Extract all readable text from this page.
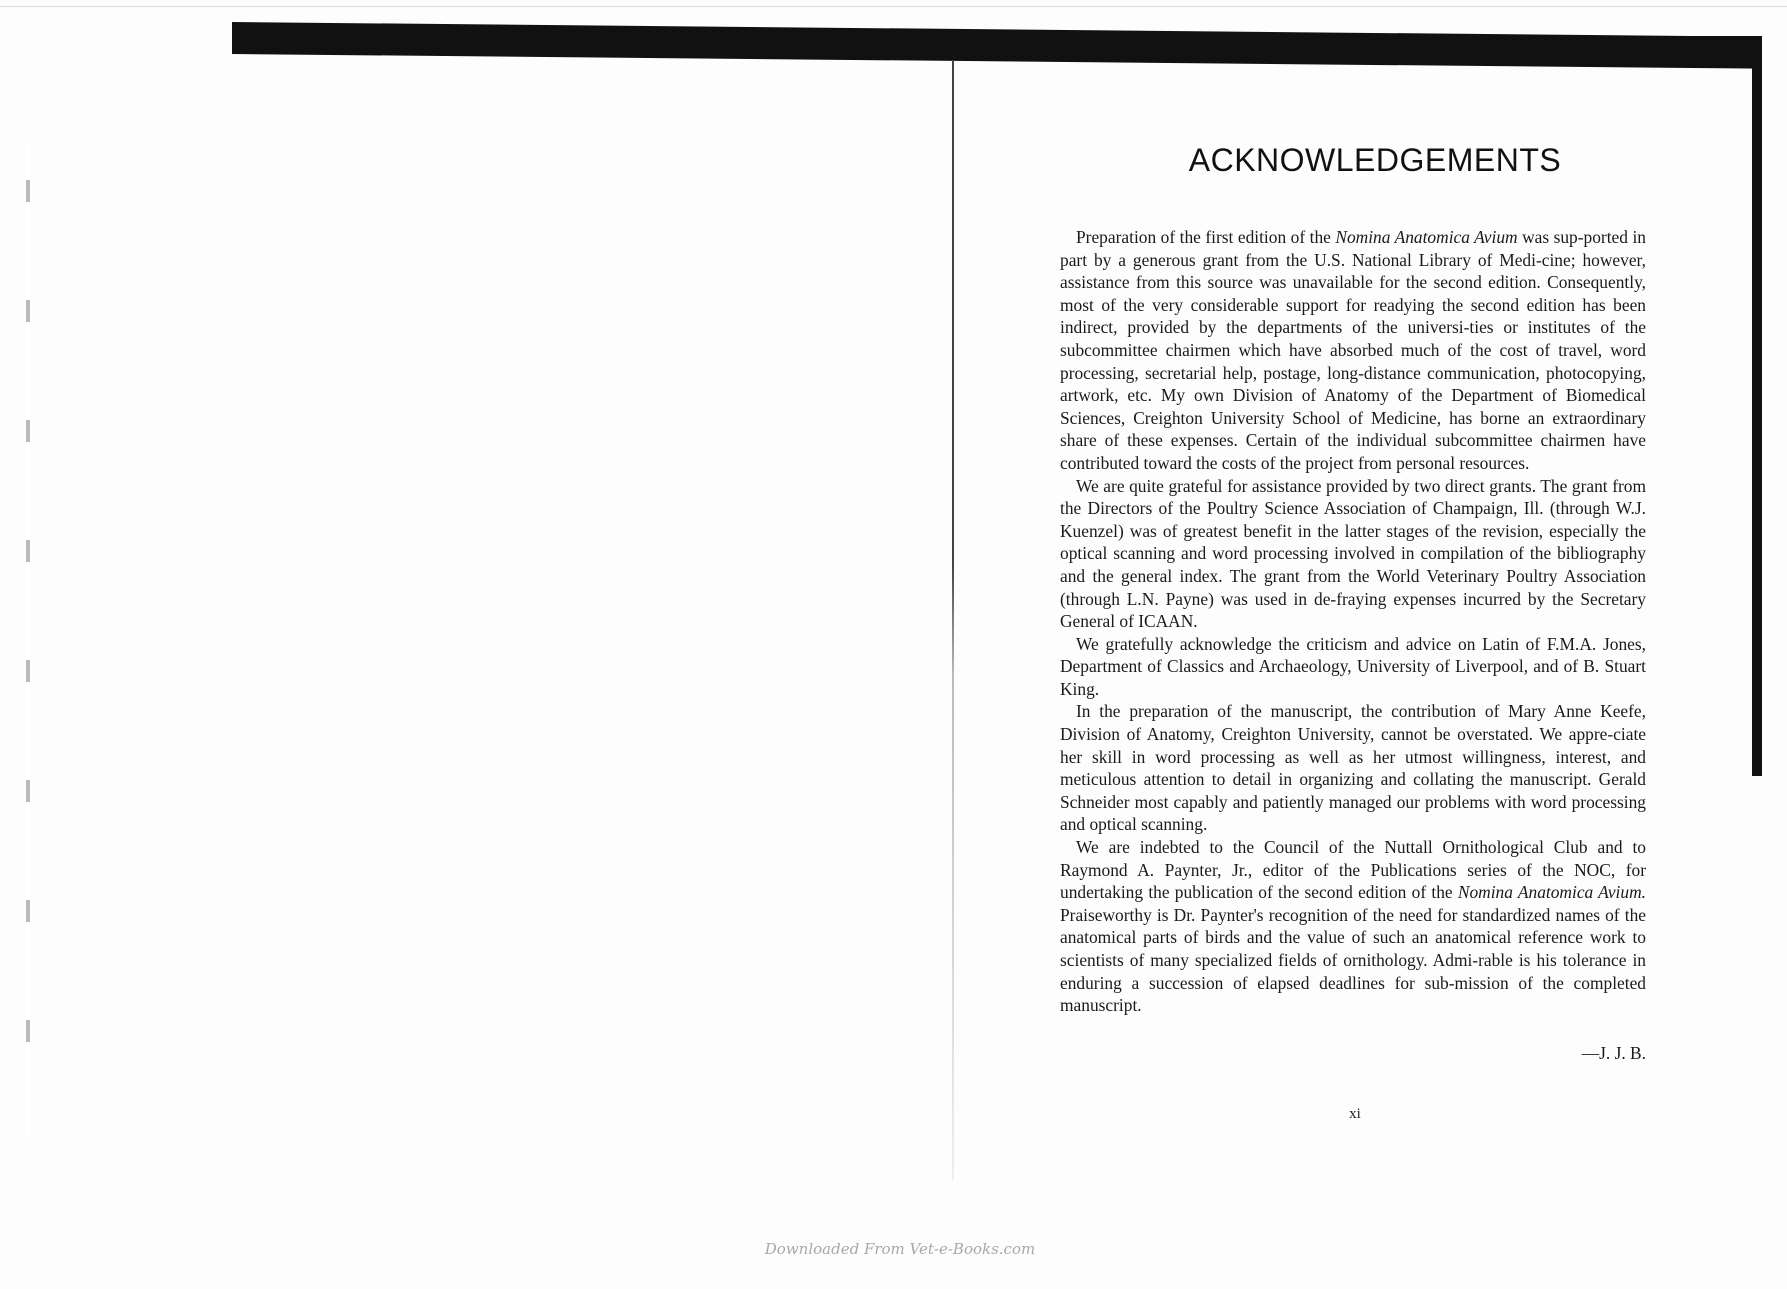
ACKNOWLEDGEMENTS

Preparation of the first edition of the Nomina Anatomica Avium was sup-ported in part by a generous grant from the U.S. National Library of Medi-cine; however, assistance from this source was unavailable for the second edition. Consequently, most of the very considerable support for readying the second edition has been indirect, provided by the departments of the universi-ties or institutes of the subcommittee chairmen which have absorbed much of the cost of travel, word processing, secretarial help, postage, long-distance communication, photocopying, artwork, etc. My own Division of Anatomy of the Department of Biomedical Sciences, Creighton University School of Medicine, has borne an extraordinary share of these expenses. Certain of the individual subcommittee chairmen have contributed toward the costs of the project from personal resources.

We are quite grateful for assistance provided by two direct grants. The grant from the Directors of the Poultry Science Association of Champaign, Ill. (through W.J. Kuenzel) was of greatest benefit in the latter stages of the revision, especially the optical scanning and word processing involved in compilation of the bibliography and the general index. The grant from the World Veterinary Poultry Association (through L.N. Payne) was used in de-fraying expenses incurred by the Secretary General of ICAAN.

We gratefully acknowledge the criticism and advice on Latin of F.M.A. Jones, Department of Classics and Archaeology, University of Liverpool, and of B. Stuart King.

In the preparation of the manuscript, the contribution of Mary Anne Keefe, Division of Anatomy, Creighton University, cannot be overstated. We appre-ciate her skill in word processing as well as her utmost willingness, interest, and meticulous attention to detail in organizing and collating the manuscript. Gerald Schneider most capably and patiently managed our problems with word processing and optical scanning.

We are indebted to the Council of the Nuttall Ornithological Club and to Raymond A. Paynter, Jr., editor of the Publications series of the NOC, for undertaking the publication of the second edition of the Nomina Anatomica Avium. Praiseworthy is Dr. Paynter's recognition of the need for standardized names of the anatomical parts of birds and the value of such an anatomical reference work to scientists of many specialized fields of ornithology. Admi-rable is his tolerance in enduring a succession of elapsed deadlines for sub-mission of the completed manuscript.

—J. J. B.
xi
Downloaded From Vet-e-Books.com
